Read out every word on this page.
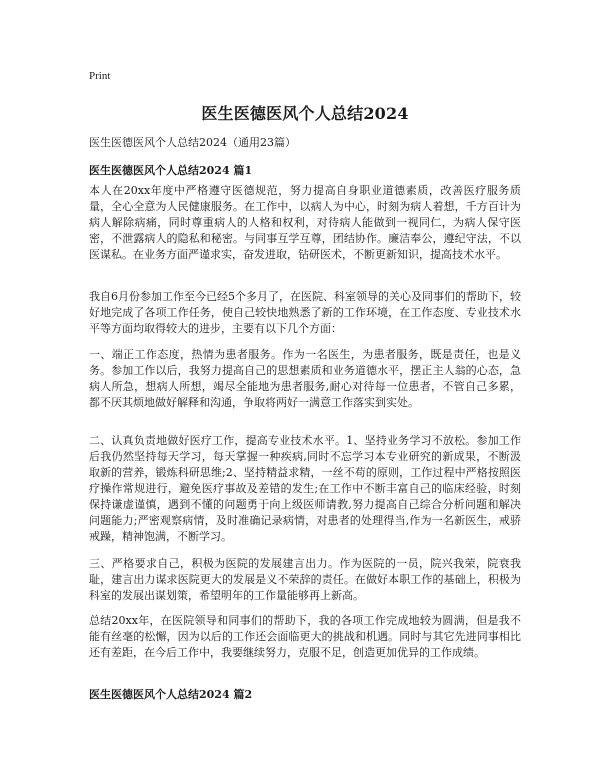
Print
医生医德医风个人总结2024
医生医德医风个人总结2024（通用23篇）
医生医德医风个人总结2024 篇1

本人在20xx年度中严格遵守医德规范，努力提高自身职业道德素质，改善医疗服务质量，全心全意为人民健康服务。在工作中，以病人为中心，时刻为病人着想，千方百计为病人解除病痛，同时尊重病人的人格和权利，对待病人能做到一视同仁，为病人保守医密，不泄露病人的隐私和秘密。与同事互学互尊，团结协作。廉洁奉公，遵纪守法，不以医谋私。在业务方面严谨求实，奋发进取，钻研医术，不断更新知识，提高技术水平。

我自6月份参加工作至今已经5个多月了，在医院、科室领导的关心及同事们的帮助下，较好地完成了各项工作任务，使自己较快地熟悉了新的工作环境，在工作态度、专业技术水平等方面均取得较大的进步，主要有以下几个方面：

一、端正工作态度，热情为患者服务。作为一名医生，为患者服务，既是责任，也是义务。参加工作以后，我努力提高自己的思想素质和业务道德水平，摆正主人翁的心态，急病人所急，想病人所想，竭尽全能地为患者服务,耐心对待每一位患者，不管自己多累，都不厌其烦地做好解释和沟通，争取将两好一满意工作落实到实处。

二、认真负责地做好医疗工作，提高专业技术水平。1、坚持业务学习不放松。参加工作后我仍然坚持每天学习，每天掌握一种疾病,同时不忘学习本专业研究的新成果，不断汲取新的营养，锻炼科研思维;2、坚持精益求精，一丝不苟的原则，工作过程中严格按照医疗操作常规进行，避免医疗事故及差错的发生;在工作中不断丰富自己的临床经验，时刻保持谦虚谨慎，遇到不懂的问题勇于向上级医师请教,努力提高自己综合分析问题和解决问题能力;严密观察病情，及时准确记录病情，对患者的处理得当,作为一名新医生，戒骄戒躁，精神饱满，不断学习。

三、严格要求自己，积极为医院的发展建言出力。作为医院的一员，院兴我荣，院衰我耻，建言出力谋求医院更大的发展是义不荣辞的责任。在做好本职工作的基础上，积极为科室的发展出谋划策，希望明年的工作量能够再上新高。

总结20xx年，在医院领导和同事们的帮助下，我的各项工作完成地较为圆满，但是我不能有丝毫的松懈，因为以后的工作还会面临更大的挑战和机遇。同时与其它先进同事相比还有差距，在今后工作中，我要继续努力，克服不足，创造更加优异的工作成绩。

医生医德医风个人总结2024 篇2
